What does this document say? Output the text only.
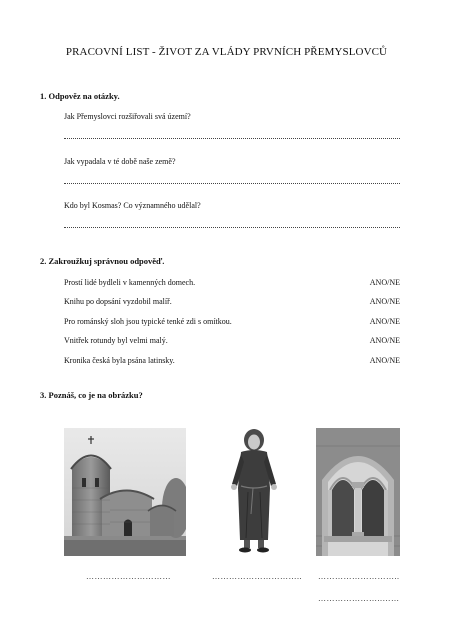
PRACOVNÍ LIST - ŽIVOT ZA VLÁDY PRVNÍCH PŘEMYSLOVCŮ
1. Odpověz na otázky.
Jak Přemyslovci rozšiřovali svá území?
Jak vypadala v té době naše země?
Kdo byl Kosmas? Co významného udělal?
2. Zakroužkuj správnou odpověď.
Prostí lidé bydleli v kamenných domech.	ANO/NE
Knihu po dopsání vyzdobil malíř.	ANO/NE
Pro románský sloh jsou typické tenké zdi s omítkou.	ANO/NE
Vnitřek rotundy byl velmi malý.	ANO/NE
Kronika česká byla psána latinsky.	ANO/NE
3. Poznáš, co je na obrázku?
…………………………	………………………….. ………………………..
…………………..……
